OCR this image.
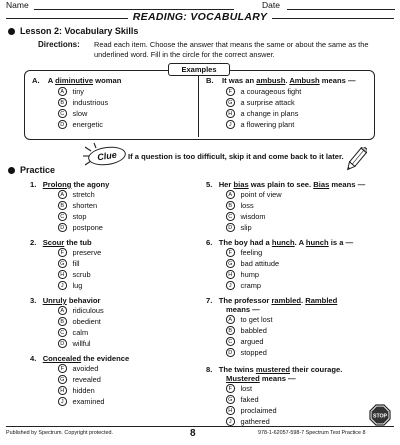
Name	Date
READING: VOCABULARY
Lesson 2: Vocabulary Skills
Directions: Read each item. Choose the answer that means the same or about the same as the underlined word. Fill in the circle for the correct answer.
Examples
A. A diminutive woman
A	tiny
B	industrious
C	slow
D	energetic
B. It was an ambush. Ambush means —
F	a courageous fight
G a surprise attack
H	a change in plans
J	a flowering plant
Clue	If a question is too difficult, skip it and come back to it later.
Practice
1. Prolong the agony
A	stretch
B	shorten
C	stop
D	postpone
2. Scour the tub
F	preserve
G fill
H	scrub
J	lug
3. Unruly behavior
A	ridiculous
B	obedient
C	calm
D	willful
4. Concealed the evidence
F	avoided
G revealed
H	hidden
J	examined
5. Her bias was plain to see. Bias means —
A	point of view
B	loss
C	wisdom
D	slip
6. The boy had a hunch. A hunch is a —
F	feeling
G bad attitude
H	hump
J	cramp
7. The professor rambled. Rambled
means —
A	to get lost
B	babbled
C	argued
D	stopped
8. The twins mustered their courage.
Mustered means —
F	lost
G faked
H	proclaimed
J	gathered
STOP
Published by Spectrum. Copyright protected.	8	978-1-62057-598-7 Spectrum Test Practice 8
